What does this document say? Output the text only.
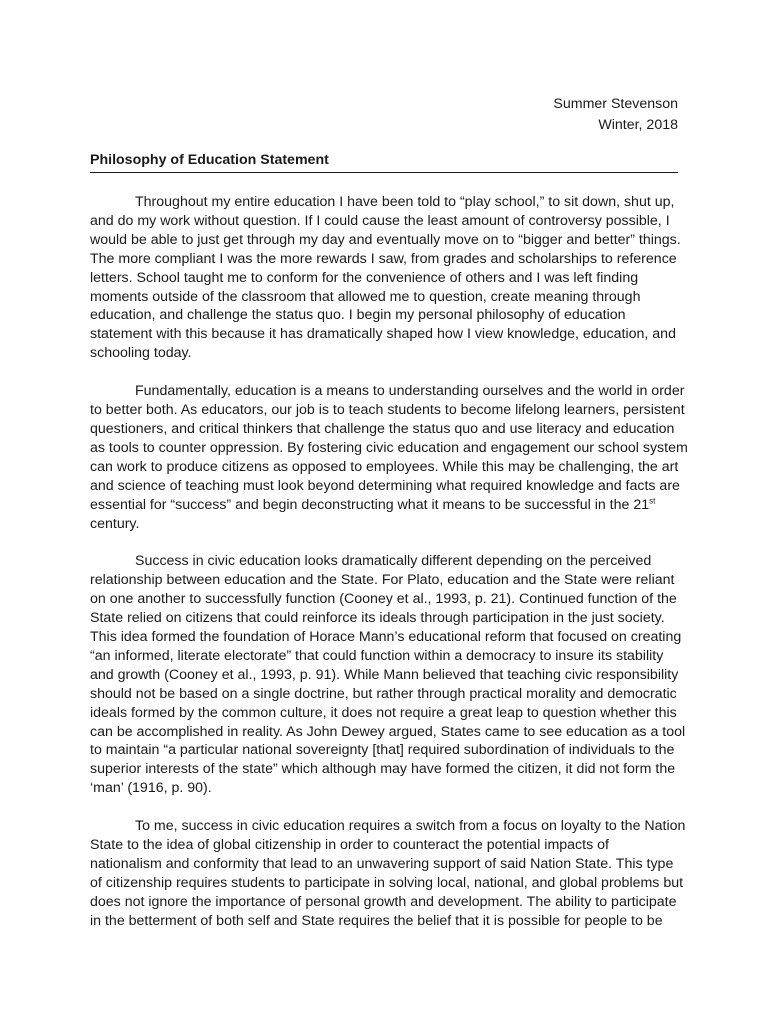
Summer Stevenson
Winter, 2018
Philosophy of Education Statement

Throughout my entire education I have been told to “play school,” to sit down, shut up,
and do my work without question. If I could cause the least amount of controversy possible, I
would be able to just get through my day and eventually move on to “bigger and better” things.
The more compliant I was the more rewards I saw, from grades and scholarships to reference
letters. School taught me to conform for the convenience of others and I was left finding
moments outside of the classroom that allowed me to question, create meaning through
education, and challenge the status quo. I begin my personal philosophy of education
statement with this because it has dramatically shaped how I view knowledge, education, and
schooling today.

Fundamentally, education is a means to understanding ourselves and the world in order
to better both. As educators, our job is to teach students to become lifelong learners, persistent
questioners, and critical thinkers that challenge the status quo and use literacy and education
as tools to counter oppression. By fostering civic education and engagement our school system
can work to produce citizens as opposed to employees. While this may be challenging, the art
and science of teaching must look beyond determining what required knowledge and facts are
essential for “success” and begin deconstructing what it means to be successful in the 21st
century.

Success in civic education looks dramatically different depending on the perceived
relationship between education and the State. For Plato, education and the State were reliant
on one another to successfully function (Cooney et al., 1993, p. 21). Continued function of the
State relied on citizens that could reinforce its ideals through participation in the just society.
This idea formed the foundation of Horace Mann’s educational reform that focused on creating
“an informed, literate electorate” that could function within a democracy to insure its stability
and growth (Cooney et al., 1993, p. 91). While Mann believed that teaching civic responsibility
should not be based on a single doctrine, but rather through practical morality and democratic
ideals formed by the common culture, it does not require a great leap to question whether this
can be accomplished in reality. As John Dewey argued, States came to see education as a tool
to maintain “a particular national sovereignty [that] required subordination of individuals to the
superior interests of the state” which although may have formed the citizen, it did not form the
‘man’ (1916, p. 90).

To me, success in civic education requires a switch from a focus on loyalty to the Nation
State to the idea of global citizenship in order to counteract the potential impacts of
nationalism and conformity that lead to an unwavering support of said Nation State. This type
of citizenship requires students to participate in solving local, national, and global problems but
does not ignore the importance of personal growth and development. The ability to participate
in the betterment of both self and State requires the belief that it is possible for people to be
